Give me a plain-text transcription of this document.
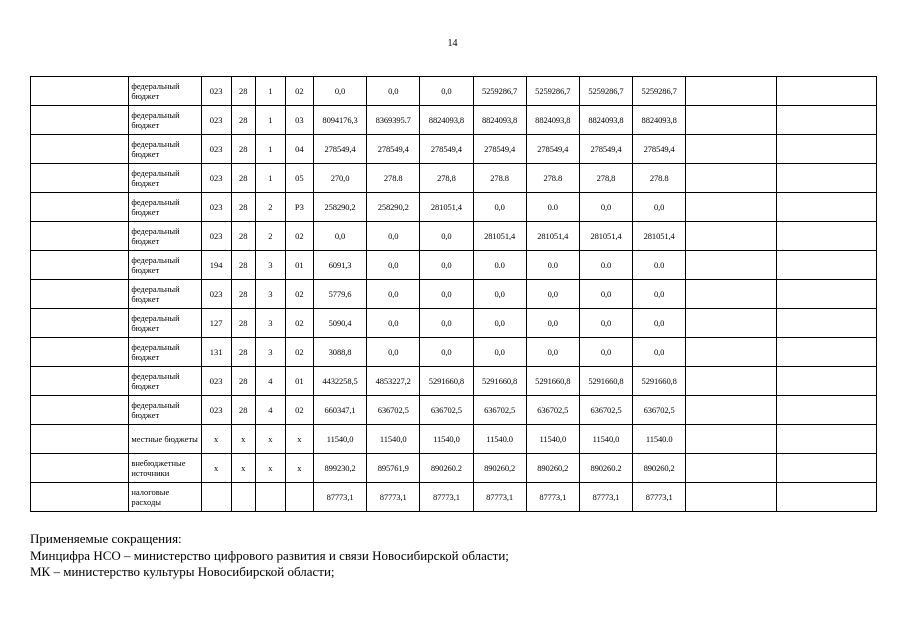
14
	федеральный бюджет	023	28	1	02	0,0	0,0	0,0	5259286,7	5259286,7	5259286,7	5259286,7		
	федеральный бюджет	023	28	1	03	8094176,3	8369395.7	8824093,8	8824093,8	8824093,8	8824093,8	8824093,8		
	федеральный бюджет	023	28	1	04	278549,4	278549,4	278549,4	278549,4	278549,4	278549,4	278549,4		
	федеральный бюджет	023	28	1	05	270,0	278.8	278,8	278.8	278.8	278,8	278.8		
	федеральный бюджет	023	28	2	Р3	258290,2	258290,2	281051,4	0,0	0.0	0,0	0,0		
	федеральный бюджет	023	28	2	02	0,0	0,0	0,0	281051,4	281051,4	281051,4	281051,4		
	федеральный бюджет	194	28	3	01	6091,3	0,0	0,0	0.0	0.0	0.0	0.0		
	федеральный бюджет	023	28	3	02	5779,6	0,0	0,0	0,0	0,0	0,0	0,0		
	федеральный бюджет	127	28	3	02	5090,4	0,0	0,0	0,0	0,0	0,0	0,0		
	федеральный бюджет	131	28	3	02	3088,8	0,0	0,0	0,0	0,0	0,0	0,0		
	федеральный бюджет	023	28	4	01	4432258,5	4853227,2	5291660,8	5291660,8	5291660,8	5291660,8	5291660,8		
	федеральный бюджет	023	28	4	02	660347,1	636702,5	636702,5	636702,5	636702,5	636702,5	636702,5		
	местные бюджеты	х	х	х	х	11540,0	11540,0	11540,0	11540.0	11540,0	11540,0	11540.0		
	внебюджетные источники	х	х	х	х	899230,2	895761,9	890260.2	890260,2	890260,2	890260.2	890260,2		
	налоговые расходы					87773,1	87773,1	87773,1	87773,1	87773,1	87773,1	87773,1		
Применяемые сокращения:
Минцифра НСО – министерство цифрового развития и связи Новосибирской области;
МК – министерство культуры Новосибирской области;
